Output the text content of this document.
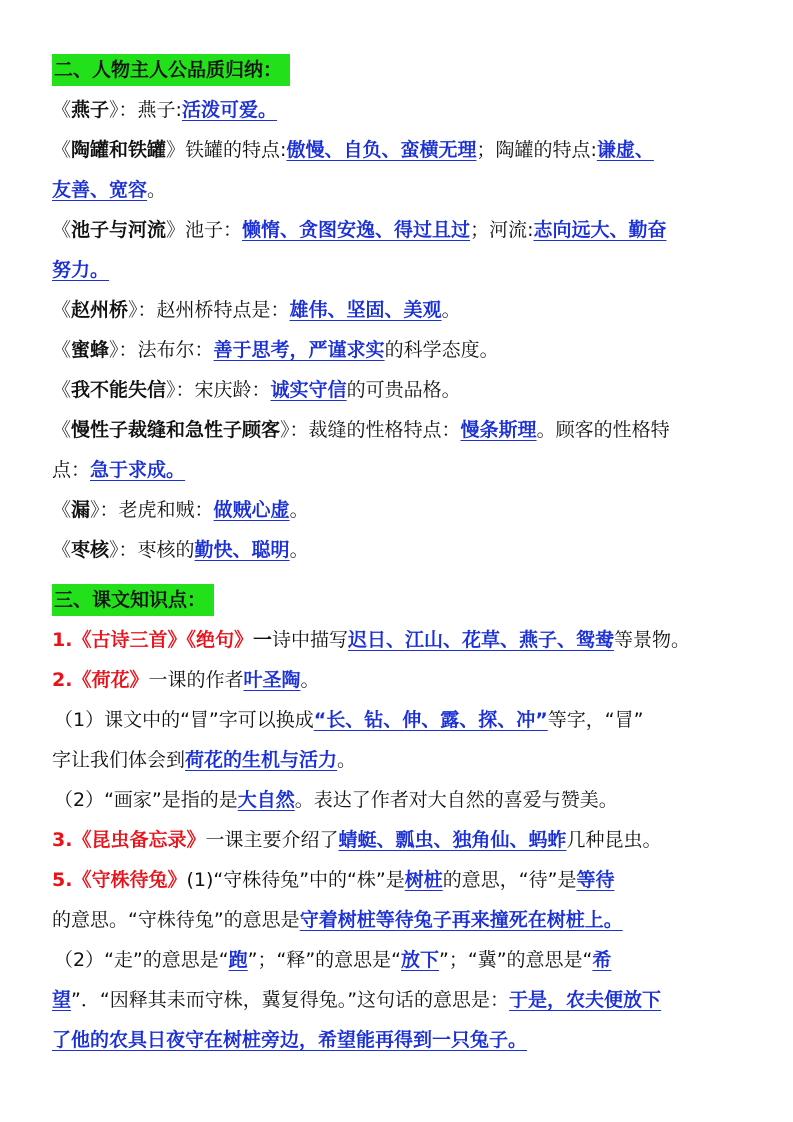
二、人物主人公品质归纳：
《燕子》：燕子:活泼可爱。
《陶罐和铁罐》铁罐的特点:傲慢、自负、蛮横无理；陶罐的特点:谦虚、
友善、宽容。
《池子与河流》池子：懒惰、贪图安逸、得过且过；河流:志向远大、勤奋
努力。
《赵州桥》：赵州桥特点是：雄伟、坚固、美观。
《蜜蜂》：法布尔：善于思考，严谨求实的科学态度。
《我不能失信》：宋庆龄：诚实守信的可贵品格。
《慢性子裁缝和急性子顾客》：裁缝的性格特点：慢条斯理。顾客的性格特
点：急于求成。
《漏》：老虎和贼：做贼心虚。
《枣核》：枣核的勤快、聪明。
三、课文知识点：
1.《古诗三首》《绝句》一诗中描写迟日、江山、花草、燕子、鸳鸯等景物。
2.《荷花》一课的作者叶圣陶。
（1）课文中的“冒”字可以换成“长、钻、伸、露、探、冲”等字，“冒”
字让我们体会到荷花的生机与活力。
（2）“画家”是指的是大自然。表达了作者对大自然的喜爱与赞美。
3.《昆虫备忘录》一课主要介绍了蜻蜓、瓢虫、独角仙、蚂蚱几种昆虫。
5.《守株待兔》(1)“守株待兔”中的“株”是树桩的意思，“待”是等待
的意思。“守株待兔”的意思是守着树桩等待兔子再来撞死在树桩上。
（2）“走”的意思是“跑”；“释”的意思是“放下”；“冀”的意思是“希
望”．“因释其耒而守株，冀复得兔。”这句话的意思是：于是，农夫便放下
了他的农具日夜守在树桩旁边，希望能再得到一只兔子。
